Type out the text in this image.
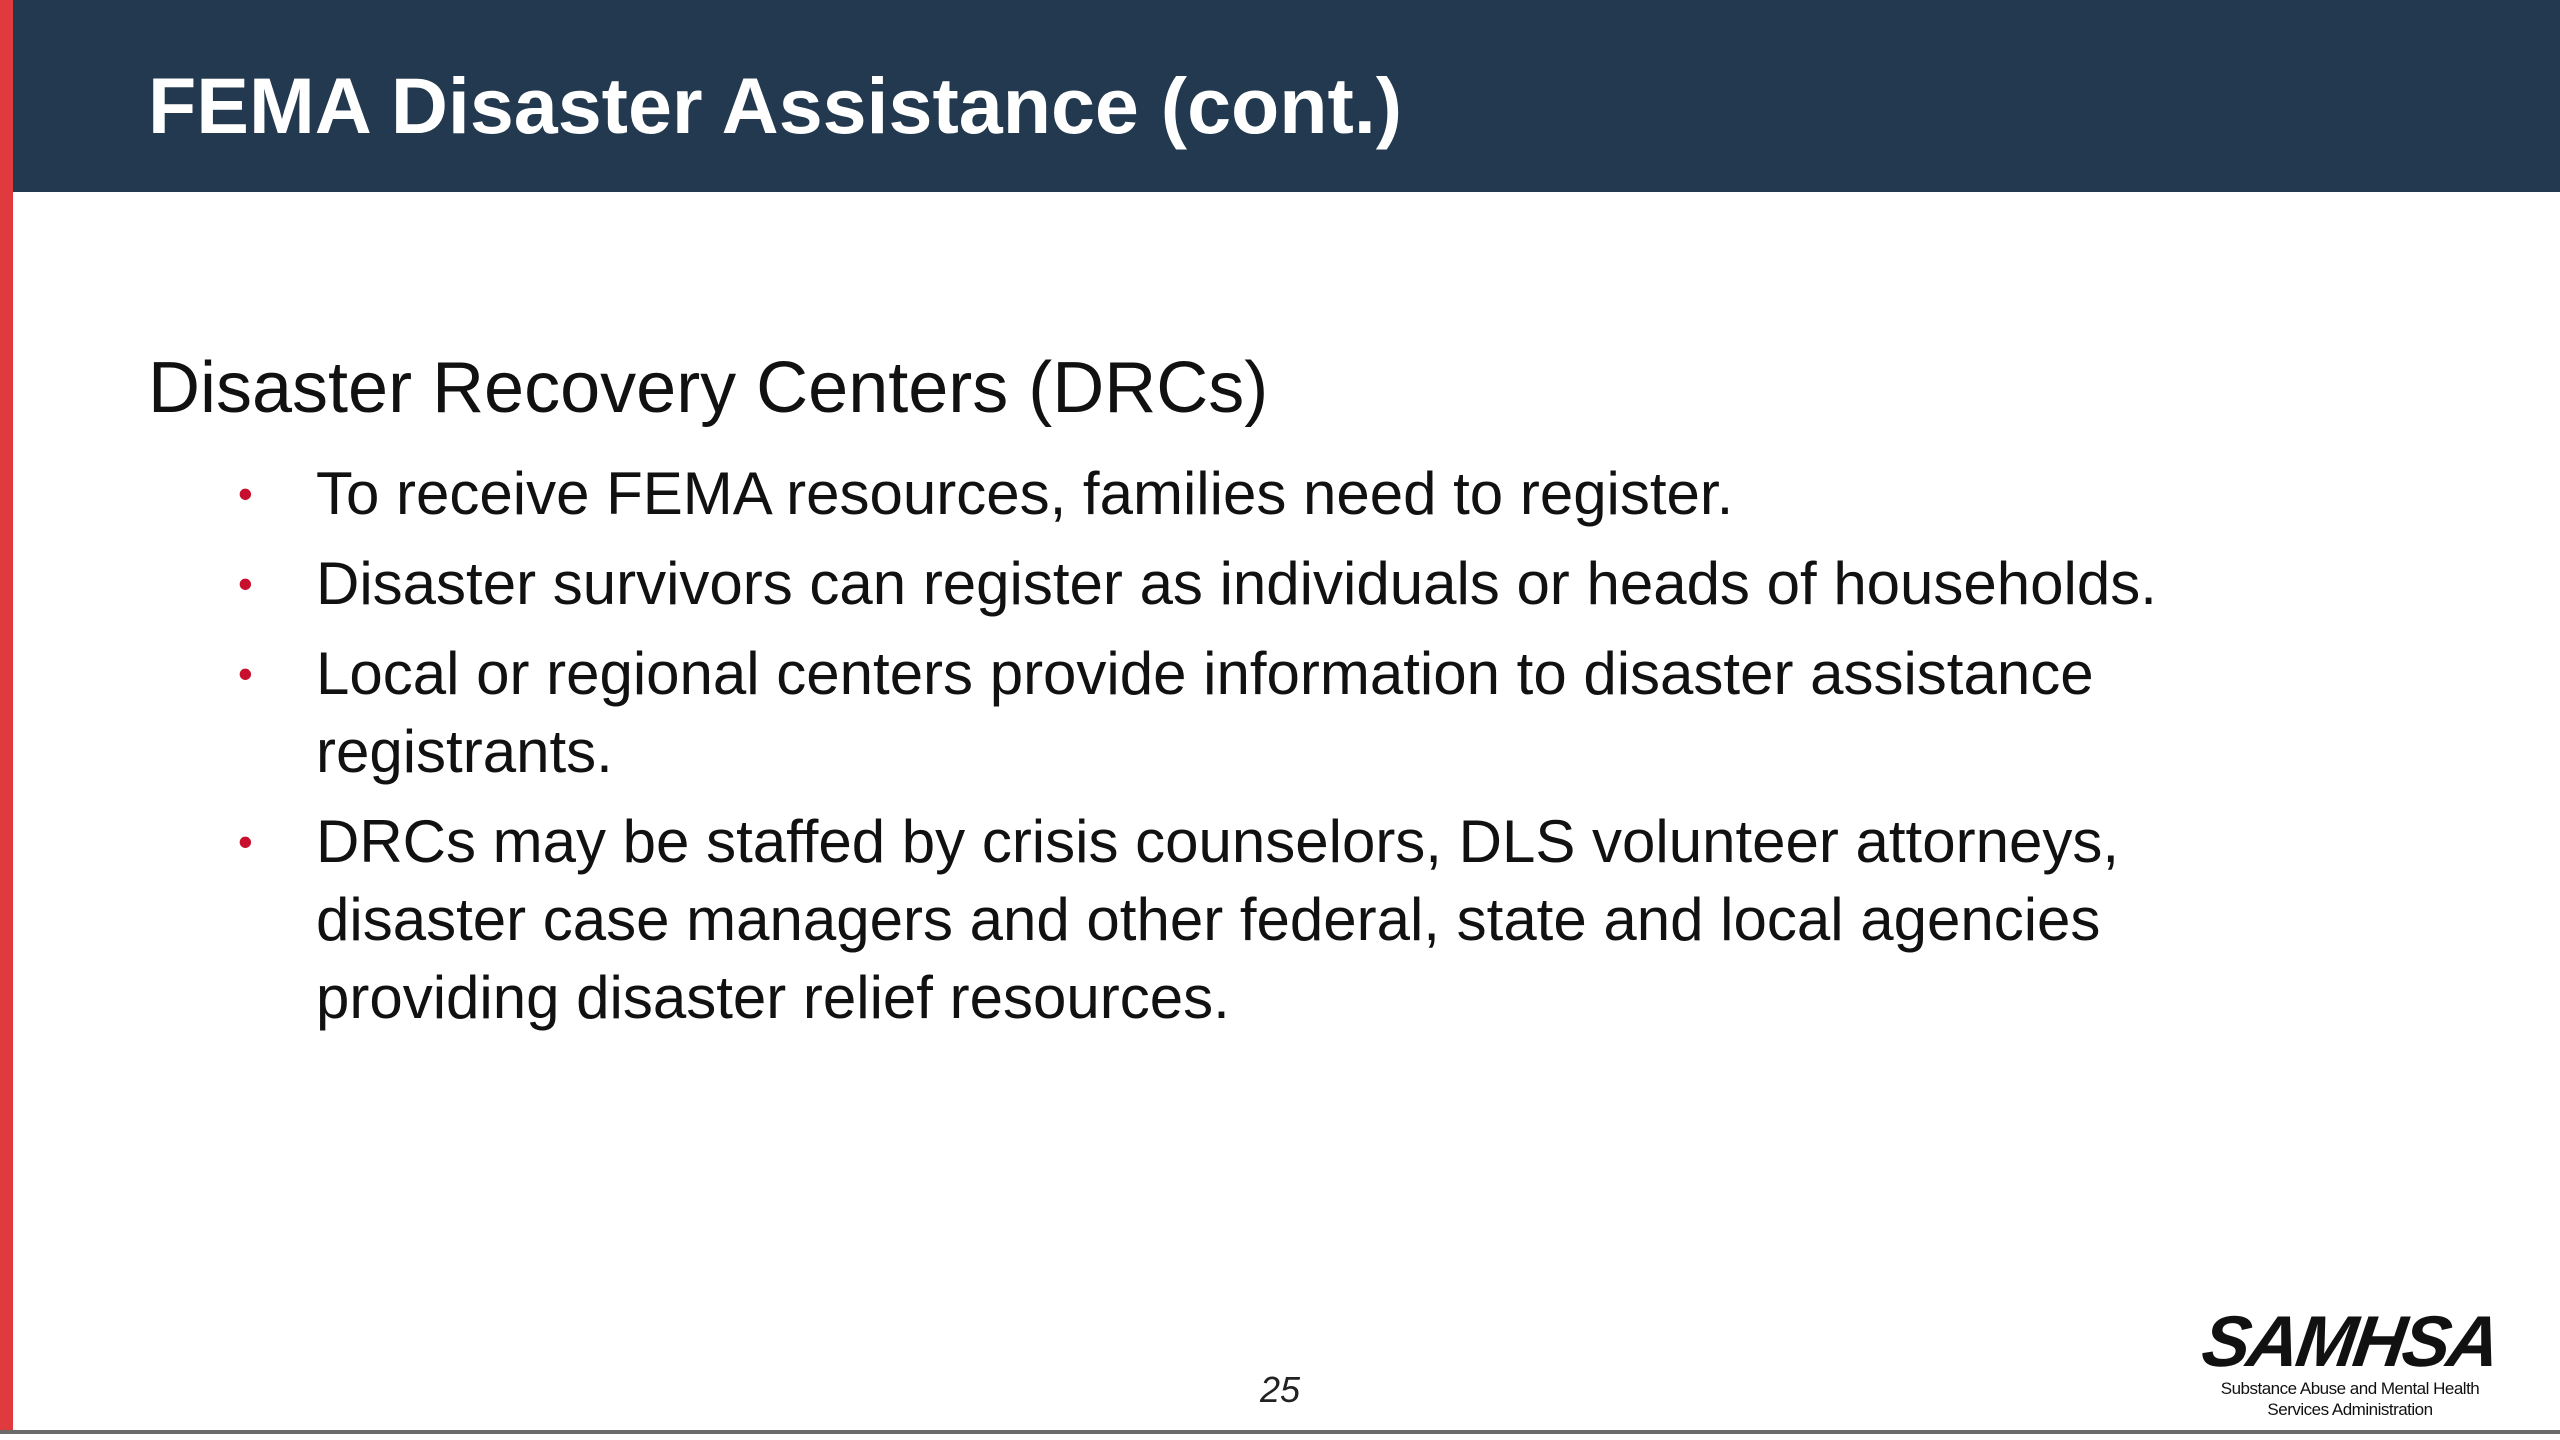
FEMA Disaster Assistance (cont.)
Disaster Recovery Centers (DRCs)
• To receive FEMA resources, families need to register.
• Disaster survivors can register as individuals or heads of households.
• Local or regional centers provide information to disaster assistance registrants.
• DRCs may be staffed by crisis counselors, DLS volunteer attorneys, disaster case managers and other federal, state and local agencies providing disaster relief resources.
25
SAMHSA
Substance Abuse and Mental Health
Services Administration
